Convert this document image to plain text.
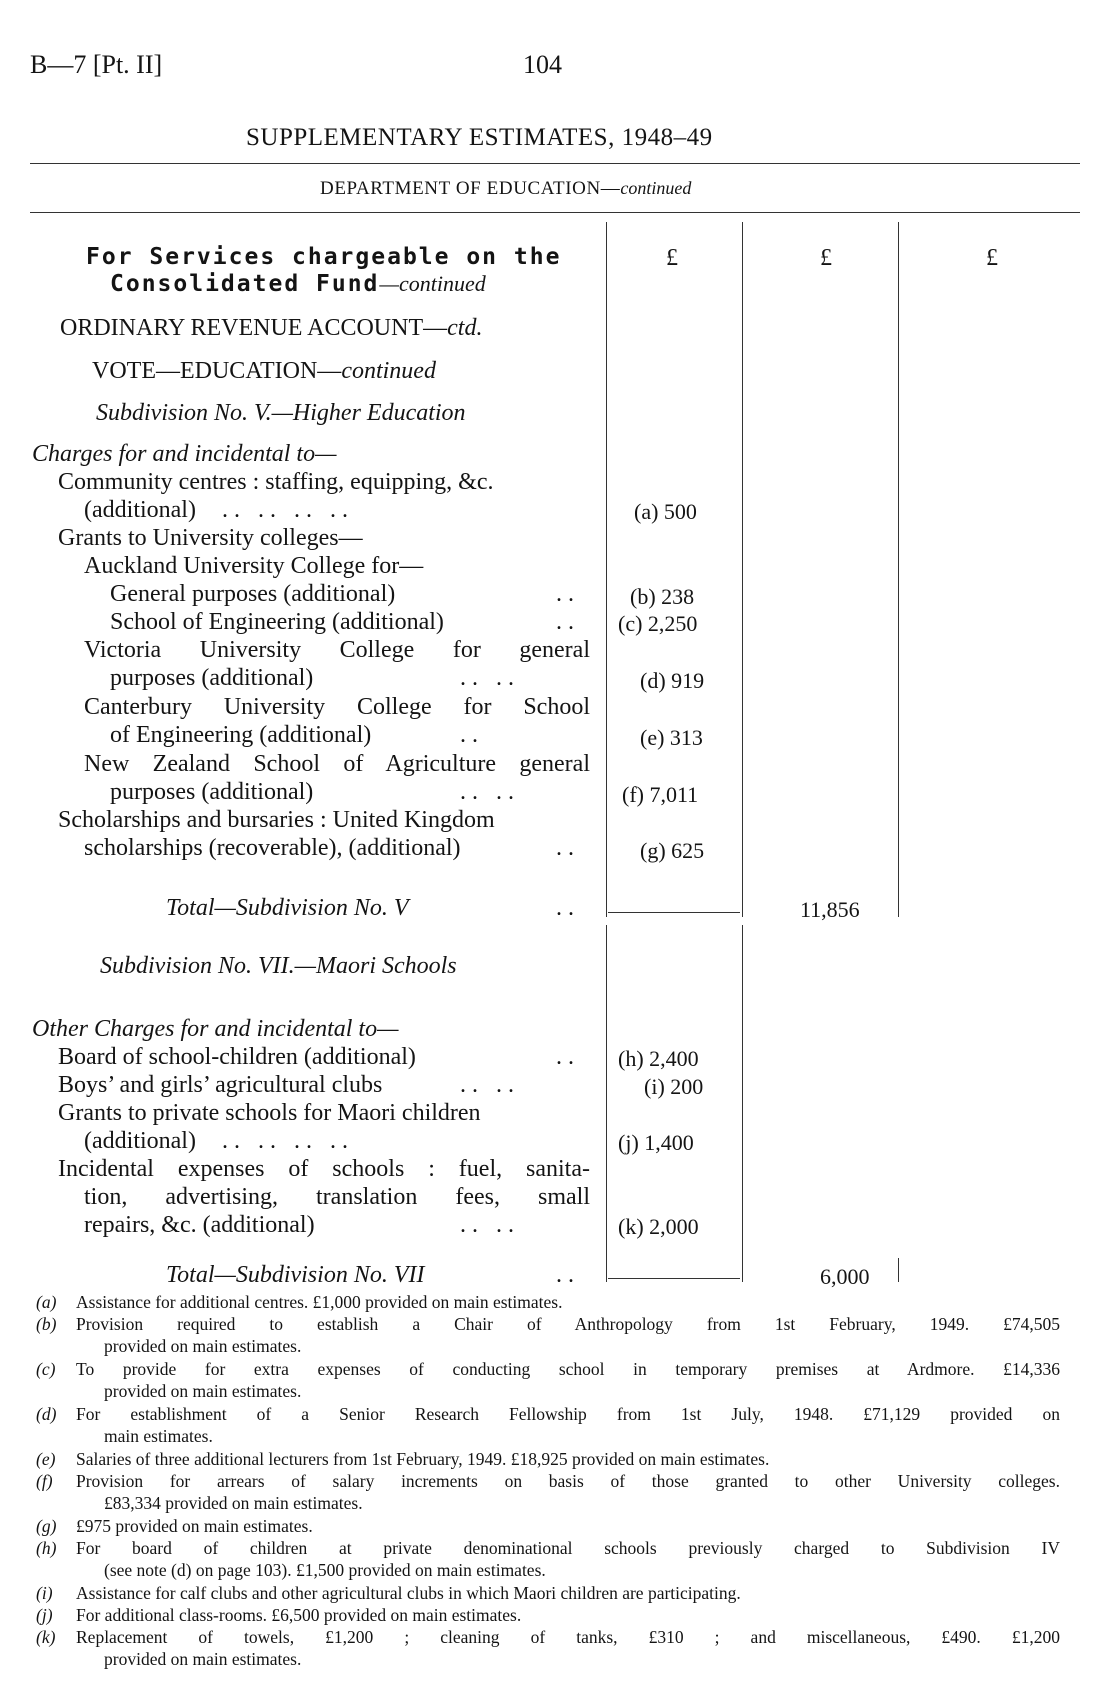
B—7 [Pt. II]	104
SUPPLEMENTARY ESTIMATES, 1948–49
DEPARTMENT OF EDUCATION—continued
£	£	£
For Services chargeable on the
Consolidated Fund—continued
ORDINARY REVENUE ACCOUNT—ctd.
VOTE—EDUCATION—continued
Subdivision No. V.—Higher Education
Charges for and incidental to—
Community centres : staffing, equipping, &c.
(additional) .. .. .. ..	(a) 500
Grants to University colleges—
Auckland University College for—
General purposes (additional)	.. (b) 238
School of Engineering (additional)	.. (c) 2,250
Victoria University College for general
purposes (additional)	.. ..	(d) 919
Canterbury University College for School
of Engineering (additional)	..	(e) 313
New Zealand School of Agriculture general
purposes (additional)	.. ..	(f) 7,011
Scholarships and bursaries : United Kingdom
scholarships (recoverable), (additional)	..	(g) 625
Total—Subdivision No. V	..	11,856
Subdivision No. VII.—Maori Schools
Other Charges for and incidental to—
Board of school-children (additional)	.. (h) 2,400
Boys’ and girls’ agricultural clubs	.. ..	(i) 200
Grants to private schools for Maori children
(additional) .. .. .. ..	(j) 1,400
Incidental expenses of schools : fuel, sanita-
tion, advertising, translation fees, small
repairs, &c. (additional)	.. ..	(k) 2,000
Total—Subdivision No. VII	..	6,000
(a) Assistance for additional centres. £1,000 provided on main estimates.
(b) Provision required to establish a Chair of Anthropology from 1st February, 1949. £74,505
provided on main estimates.
(c) To provide for extra expenses of conducting school in temporary premises at Ardmore. £14,336
provided on main estimates.
(d) For establishment of a Senior Research Fellowship from 1st July, 1948. £71,129 provided on
main estimates.
(e) Salaries of three additional lecturers from 1st February, 1949. £18,925 provided on main estimates.
(f) Provision for arrears of salary increments on basis of those granted to other University colleges.
£83,334 provided on main estimates.
(g) £975 provided on main estimates.
(h) For board of children at private denominational schools previously charged to Subdivision IV
(see note (d) on page 103). £1,500 provided on main estimates.
(i) Assistance for calf clubs and other agricultural clubs in which Maori children are participating.
(j) For additional class-rooms. £6,500 provided on main estimates.
(k) Replacement of towels, £1,200 ; cleaning of tanks, £310 ; and miscellaneous, £490. £1,200
provided on main estimates.
